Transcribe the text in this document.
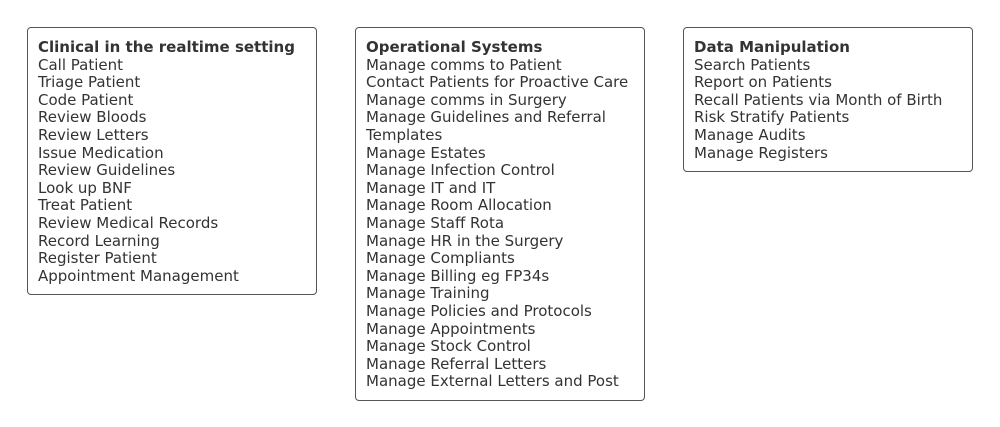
Clinical in the realtime setting
Call Patient
Triage Patient
Code Patient
Review Bloods
Review Letters
Issue Medication
Review Guidelines
Look up BNF
Treat Patient
Review Medical Records
Record Learning
Register Patient
Appointment Management
Operational Systems
Manage comms to Patient
Contact Patients for Proactive Care
Manage comms in Surgery
Manage Guidelines and Referral
Templates
Manage Estates
Manage Infection Control
Manage IT and IT
Manage Room Allocation
Manage Staff Rota
Manage HR in the Surgery
Manage Compliants
Manage Billing eg FP34s
Manage Training
Manage Policies and Protocols
Manage Appointments
Manage Stock Control
Manage Referral Letters
Manage External Letters and Post
Data Manipulation
Search Patients
Report on Patients
Recall Patients via Month of Birth
Risk Stratify Patients
Manage Audits
Manage Registers
